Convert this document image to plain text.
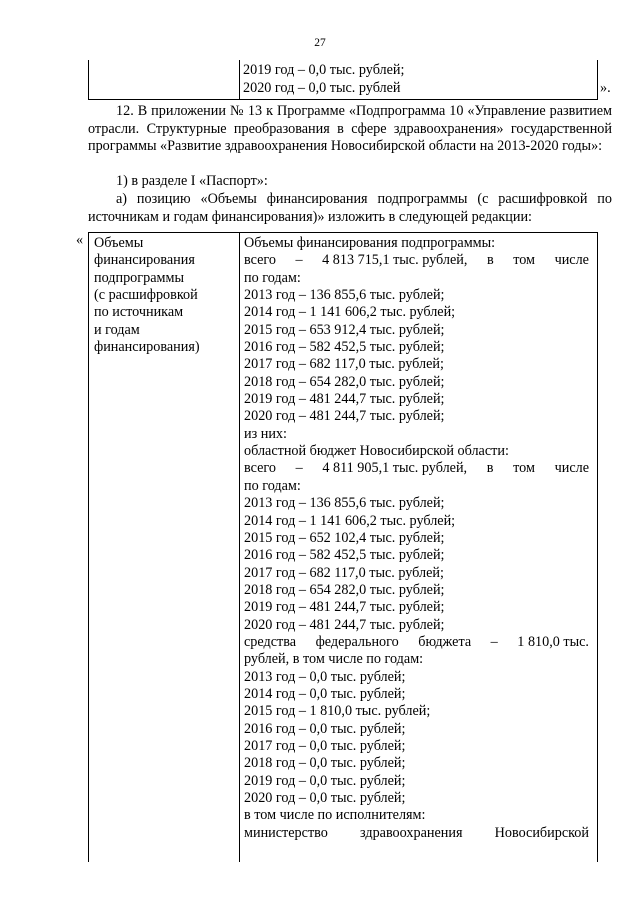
27
2019 год – 0,0 тыс. рублей;
2020 год – 0,0 тыс. рублей	».
12. В приложении № 13 к Программе «Подпрограмма 10 «Управление развитием отрасли. Структурные преобразования в сфере здравоохранения» государственной программы «Развитие здравоохранения Новосибирской области на 2013-2020 годы»:
1) в разделе I «Паспорт»:
а) позицию «Объемы финансирования подпрограммы (с расшифровкой по источникам и годам финансирования)» изложить в следующей редакции:
« Объемы
финансирования
подпрограммы
(с расшифровкой
по источникам
и годам
финансирования)
Объемы финансирования подпрограммы:
всего – 4 813 715,1 тыс. рублей, в том числе
по годам:
2013 год – 136 855,6 тыс. рублей;
2014 год – 1 141 606,2 тыс. рублей;
2015 год – 653 912,4 тыс. рублей;
2016 год – 582 452,5 тыс. рублей;
2017 год – 682 117,0 тыс. рублей;
2018 год – 654 282,0 тыс. рублей;
2019 год – 481 244,7 тыс. рублей;
2020 год – 481 244,7 тыс. рублей;
из них:
областной бюджет Новосибирской области:
всего – 4 811 905,1 тыс. рублей, в том числе
по годам:
2013 год – 136 855,6 тыс. рублей;
2014 год – 1 141 606,2 тыс. рублей;
2015 год – 652 102,4 тыс. рублей;
2016 год – 582 452,5 тыс. рублей;
2017 год – 682 117,0 тыс. рублей;
2018 год – 654 282,0 тыс. рублей;
2019 год – 481 244,7 тыс. рублей;
2020 год – 481 244,7 тыс. рублей;
средства федерального бюджета – 1 810,0 тыс.
рублей, в том числе по годам:
2013 год – 0,0 тыс. рублей;
2014 год – 0,0 тыс. рублей;
2015 год – 1 810,0 тыс. рублей;
2016 год – 0,0 тыс. рублей;
2017 год – 0,0 тыс. рублей;
2018 год – 0,0 тыс. рублей;
2019 год – 0,0 тыс. рублей;
2020 год – 0,0 тыс. рублей;
в том числе по исполнителям:
министерство здравоохранения Новосибирской
